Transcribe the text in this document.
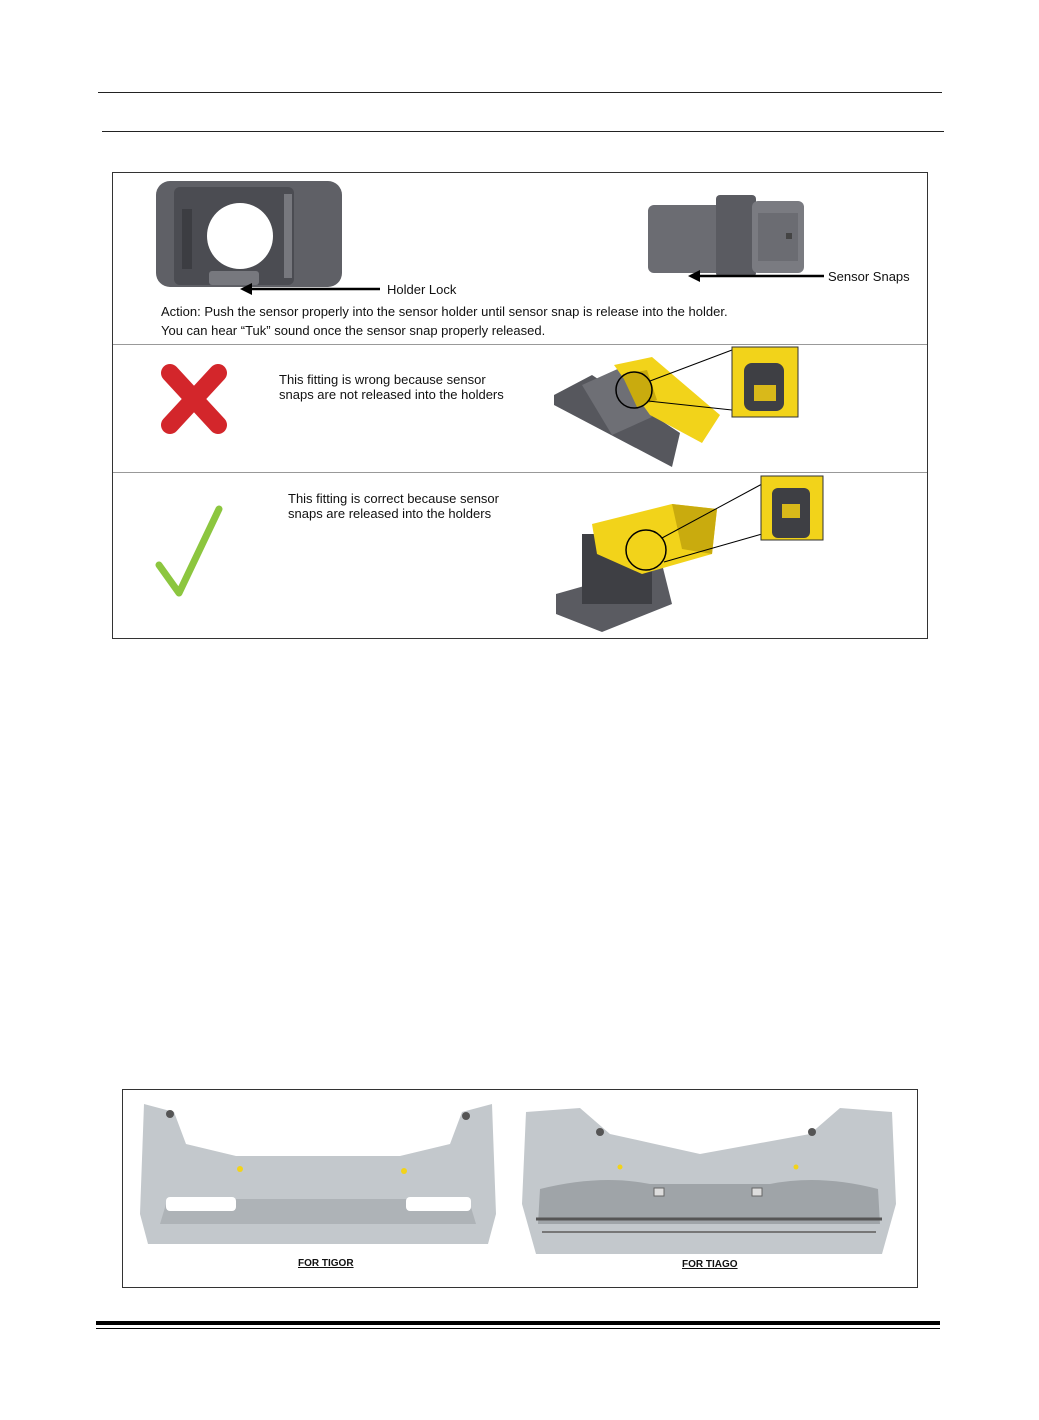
Holder Lock
Sensor Snaps
Action: Push the sensor properly into the sensor holder until sensor snap is release into the holder.
You can hear “Tuk” sound once the sensor snap properly released.
This fitting is wrong because sensor
snaps are not released into the holders
This fitting is correct because sensor
snaps are released into the holders
FOR TIGOR	FOR TIAGO
